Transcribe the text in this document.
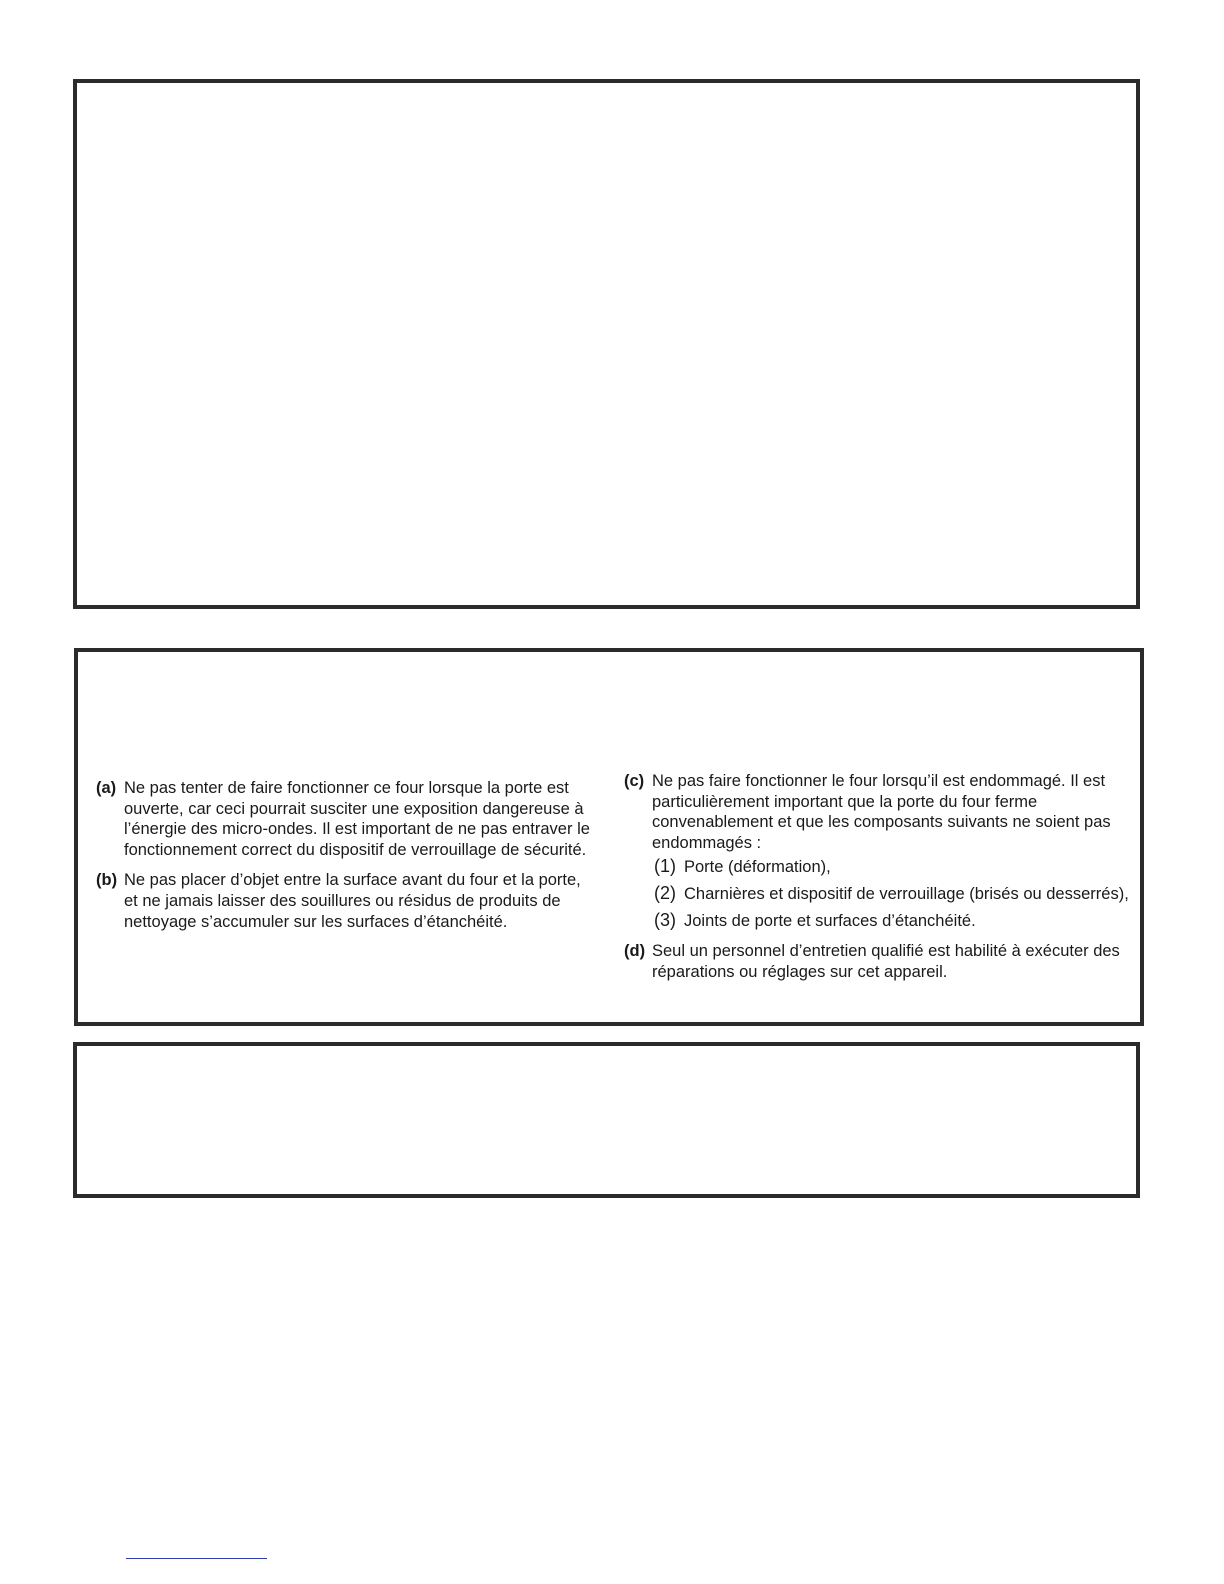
(a) Ne pas tenter de faire fonctionner ce four lorsque la porte est ouverte, car ceci pourrait susciter une exposition dangereuse à l’énergie des micro-ondes. Il est important de ne pas entraver le fonctionnement correct du dispositif de verrouillage de sécurité.
(b) Ne pas placer d’objet entre la surface avant du four et la porte, et ne jamais laisser des souillures ou résidus de produits de nettoyage s’accumuler sur les surfaces d’étanchéité.
(c) Ne pas faire fonctionner le four lorsqu’il est endommagé. Il est particulièrement important que la porte du four ferme convenablement et que les composants suivants ne soient pas endommagés :
(1) Porte (déformation),
(2) Charnières et dispositif de verrouillage (brisés ou desserrés),
(3) Joints de porte et surfaces d’étanchéité.
(d) Seul un personnel d’entretien qualifié est habilité à exécuter des réparations ou réglages sur cet appareil.
